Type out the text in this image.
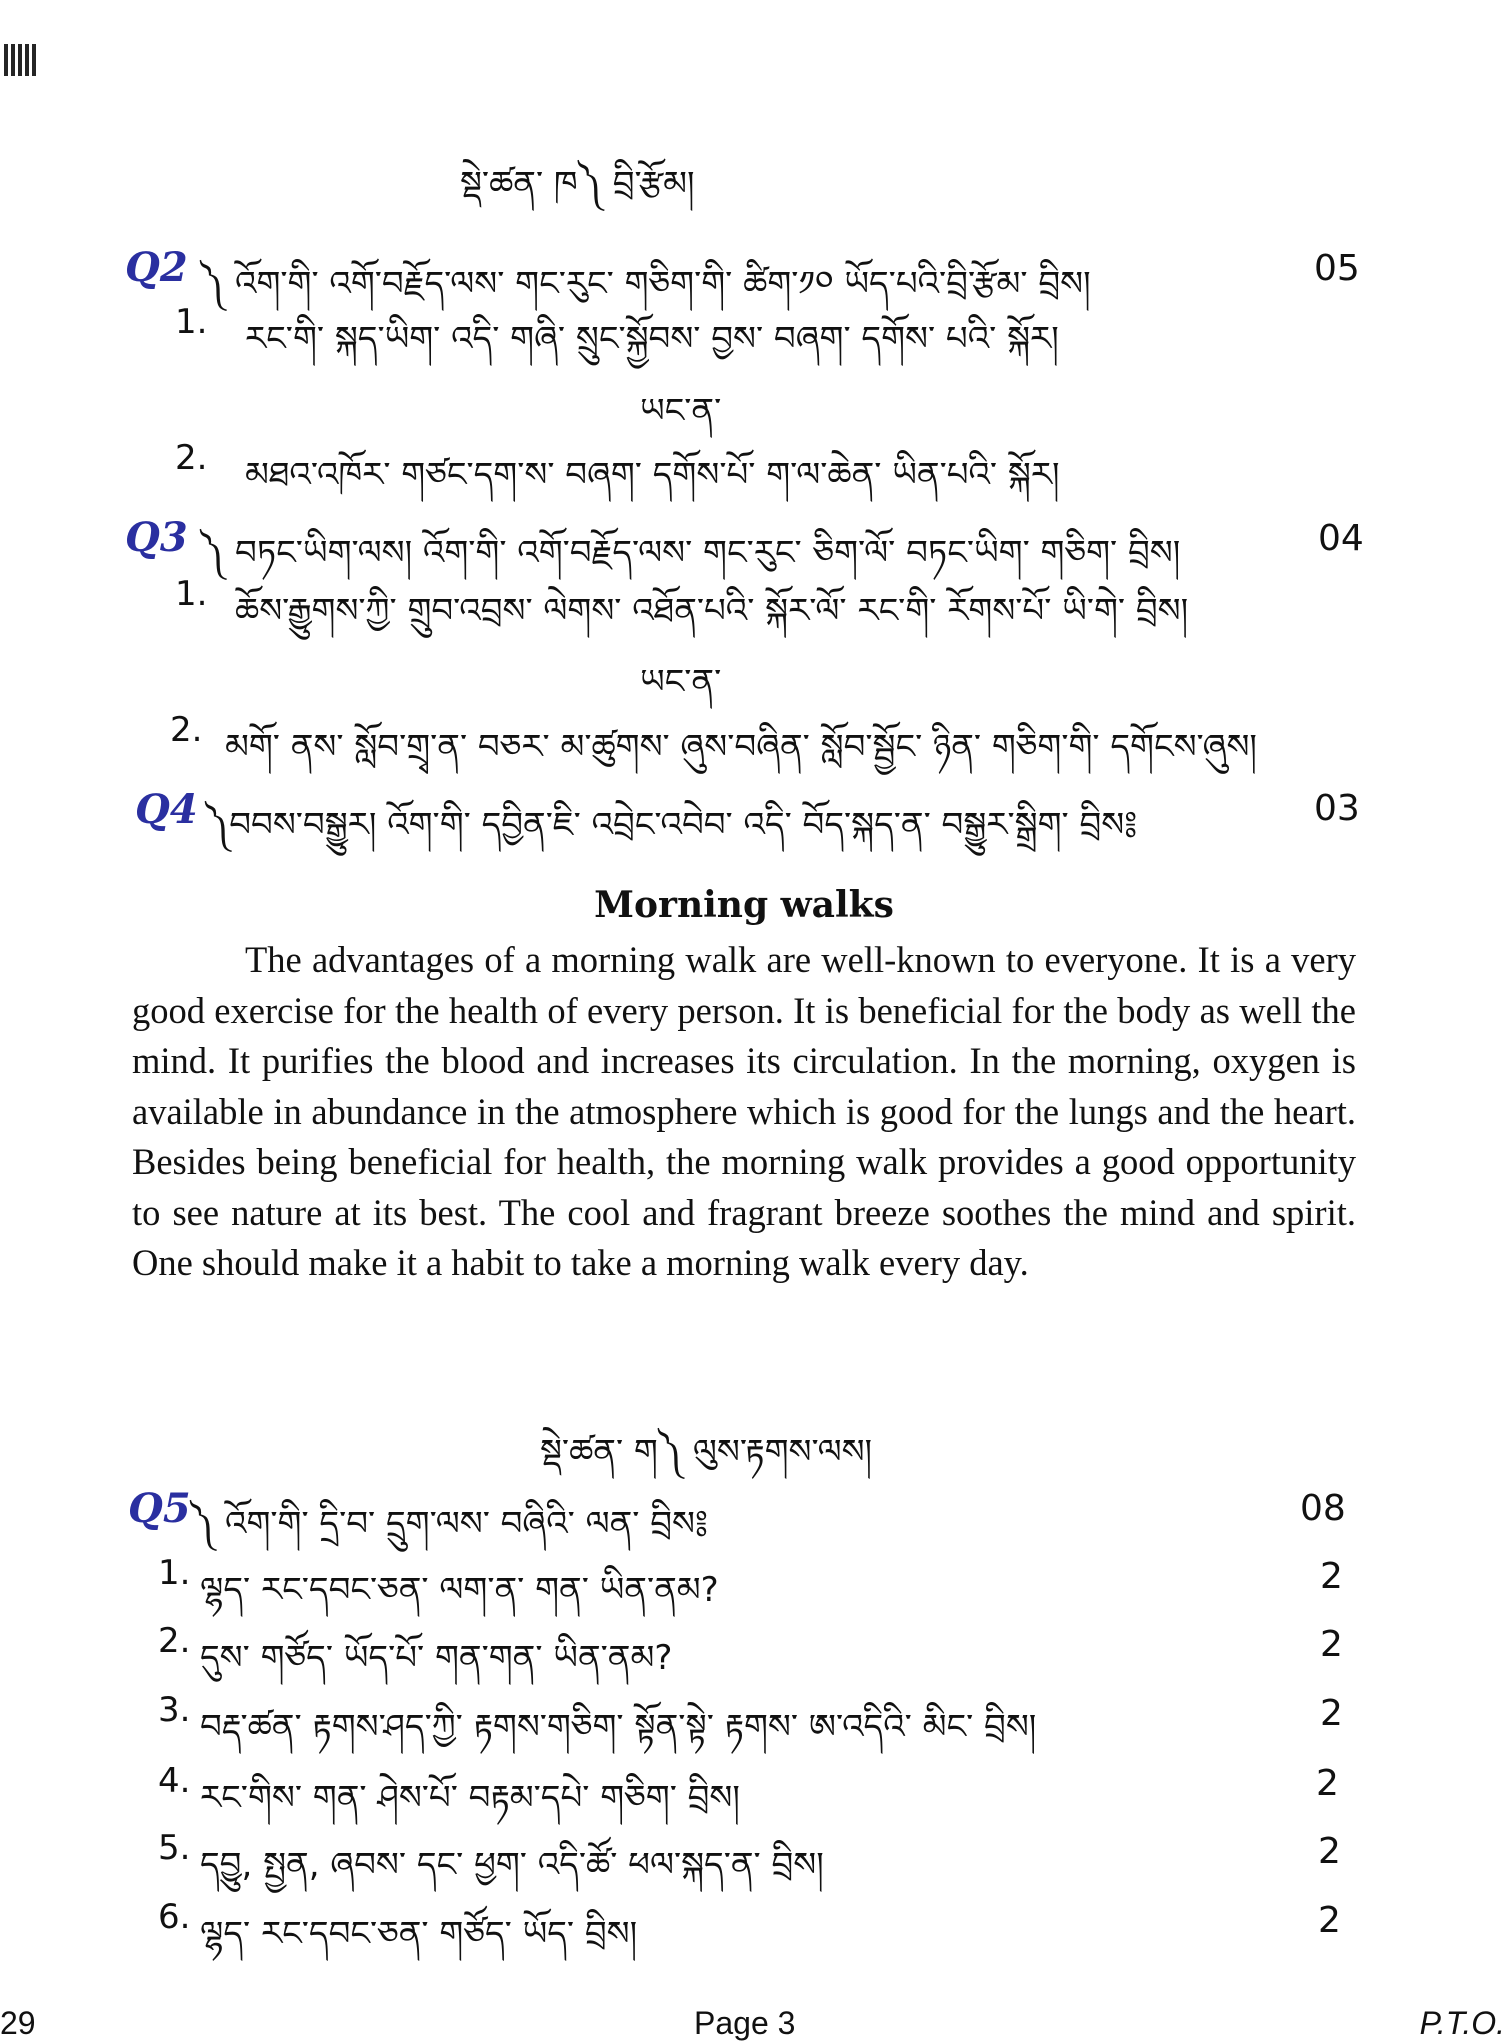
སྡེ་ཚན་ ཁ༽ བྲི་རྩོམ།
Q2 ༽ འོག་གི་ འགོ་བརྗོད་ལས་ གང་རུང་ གཅིག་གི་ ཚིག་༡༠ ཡོད་པའི་བྲི་རྩོམ་ བྲིས།	05
1. རང་གི་ སྐད་ཡིག་ འདི་ གཞི་ སྲུང་སྐྱོབས་ བྱས་ བཞག་ དགོས་ པའི་ སྐོར།
ཡང་ན་
2. མཐའ་འཁོར་ གཙང་དག་ས་ བཞག་ དགོས་པོ་ ག་ལ་ཆེན་ ཡིན་པའི་ སྐོར།
Q3 ༽ བཏང་ཡིག་ལས། འོག་གི་ འགོ་བརྗོད་ལས་ གང་རུང་ ཅིག་ལོ་ བཏང་ཡིག་ གཅིག་ བྲིས།	04
1. ཆོས་རྒྱུགས་ཀྱི་ གྲུབ་འབྲས་ ལེགས་ འཐོན་པའི་ སྐོར་ལོ་ རང་གི་ རོགས་པོ་ ཡི་གེ་ བྲིས།
ཡང་ན་
2. མགོ་ ནས་ སློབ་གྲྭ་ན་ བཅར་ མ་ཚུགས་ ཞུས་བཞིན་ སློབ་སྦྱོང་ ཉིན་ གཅིག་གི་ དགོངས་ཞུས།
Q4 ༽བབས་བསྒྱུར། འོག་གི་ དབྱིན་ཇི་ འབྲེང་འབེབ་ འདི་ བོད་སྐད་ན་ བསྒྱུར་སྒྲིག་ བྲིས༔	03
Morning walks
The advantages of a morning walk are well-known to everyone. It is a very good exercise for the health of every person. It is beneficial for the body as well the mind. It purifies the blood and increases its circulation. In the morning, oxygen is available in abundance in the atmosphere which is good for the lungs and the heart. Besides being beneficial for health, the morning walk provides a good opportunity to see nature at its best. The cool and fragrant breeze soothes the mind and spirit. One should make it a habit to take a morning walk every day.
སྡེ་ཚན་ ག༽ ལུས་རྟགས་ལས།
Q5 ༽ འོག་གི་ དྲི་བ་ དྲུག་ལས་ བཞིའི་ ལན་ བྲིས༔	08
1. ལྷད་ རང་དབང་ཅན་ ལག་ན་ གན་ ཡིན་ནམ?	2
2. དུས་ གཙོད་ ཡོད་པོ་ གན་གན་ ཡིན་ནམ?	2
3. བརྡ་ཚན་ རྟགས་ཤད་ཀྱི་ རྟགས་གཅིག་ སྟོན་སྟེ་ རྟགས་ ཨ་འདིའི་ མིང་ བྲིས།	2
4. རང་གིས་ གན་ ཤེས་པོ་ བརྟམ་དཔེ་ གཅིག་ བྲིས།	2
5. དབྱུ, སྤྱན, ཞབས་ དང་ ཕྱག་ འདི་ཚོ་ ཕལ་སྐད་ན་ བྲིས།	2
6. ལྷད་ རང་དབང་ཅན་ གཙོད་ ཡོད་ བྲིས།	2
29	Page 3	P.T.O.
